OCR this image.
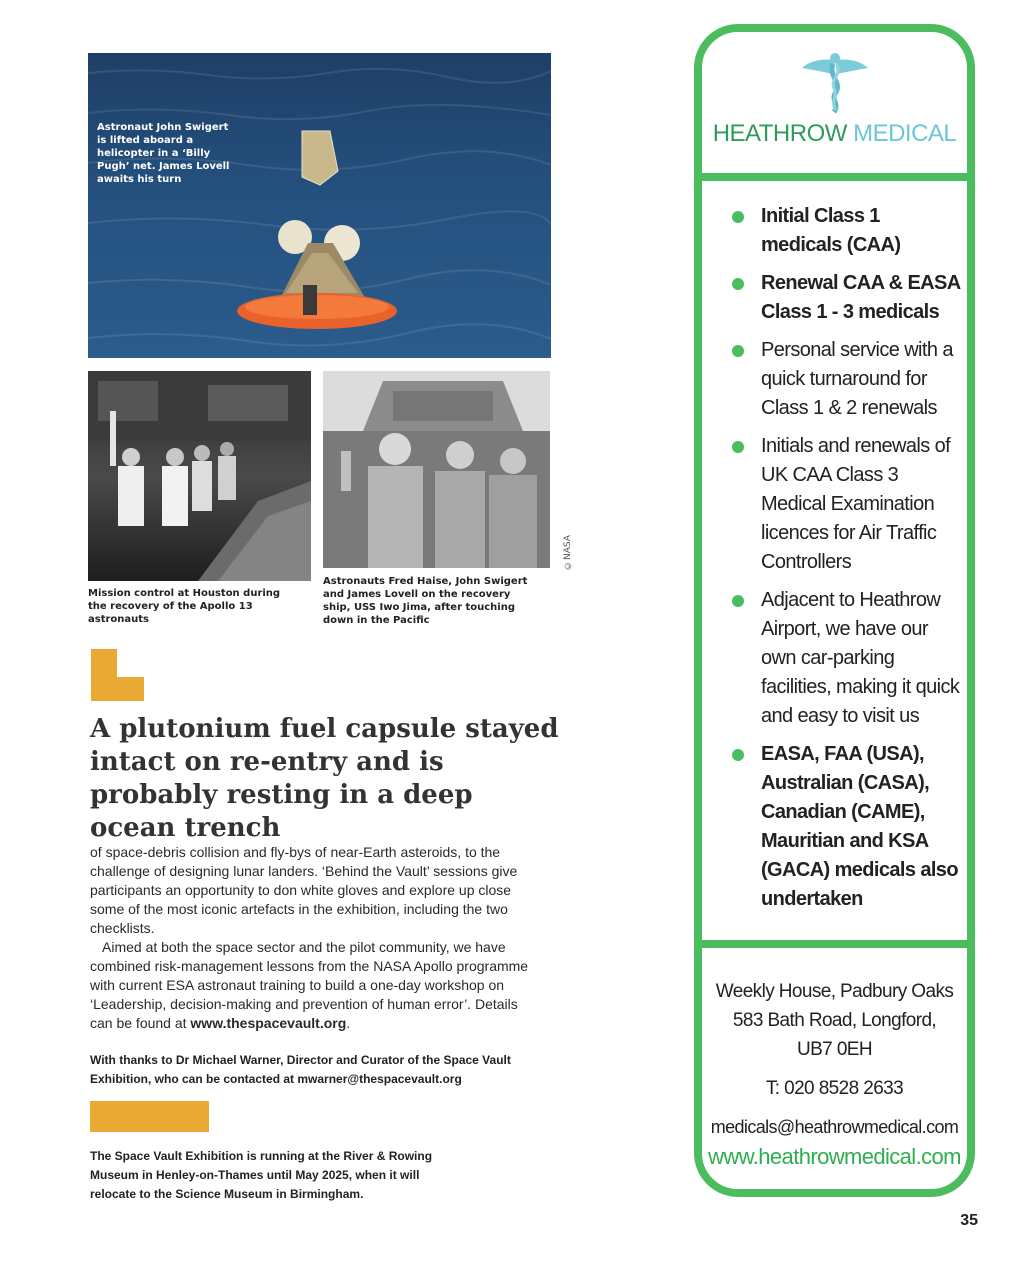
Astronaut John Swigert is lifted aboard a helicopter in a ‘Billy Pugh’ net. James Lovell awaits his turn
©NASA
Mission control at Houston during the recovery of the Apollo 13 astronauts
Astronauts Fred Haise, John Swigert and James Lovell on the recovery ship, USS Iwo Jima, after touching down in the Pacific
A plutonium fuel capsule stayed intact on re-entry and is probably resting in a deep ocean trench

of space-debris collision and fly-bys of near-Earth asteroids, to the challenge of designing lunar landers. ‘Behind the Vault’ sessions give participants an opportunity to don white gloves and explore up close some of the most iconic artefacts in the exhibition, including the two checklists.

Aimed at both the space sector and the pilot community, we have combined risk-management lessons from the NASA Apollo programme with current ESA astronaut training to build a one-day workshop on ‘Leadership, decision-making and prevention of human error’. Details can be found at www.thespacevault.org.

With thanks to Dr Michael Warner, Director and Curator of the Space Vault Exhibition, who can be contacted at mwarner@thespacevault.org
The Space Vault Exhibition is running at the River & Rowing Museum in Henley-on-Thames until May 2025, when it will relocate to the Science Museum in Birmingham.
35
HEATHROW MEDICAL
Initial Class 1 medicals (CAA)
Renewal CAA & EASA Class 1 - 3 medicals
Personal service with a quick turnaround for Class 1 & 2 renewals
Initials and renewals of UK CAA Class 3 Medical Examination licences for Air Traffic Controllers
Adjacent to Heathrow Airport, we have our own car-parking facilities, making it quick and easy to visit us
EASA, FAA (USA), Australian (CASA), Canadian (CAME), Mauritian and KSA (GACA) medicals also undertaken
Weekly House, Padbury Oaks
583 Bath Road, Longford,
UB7 0EH
T: 020 8528 2633
medicals@heathrowmedical.com
www.heathrowmedical.com
